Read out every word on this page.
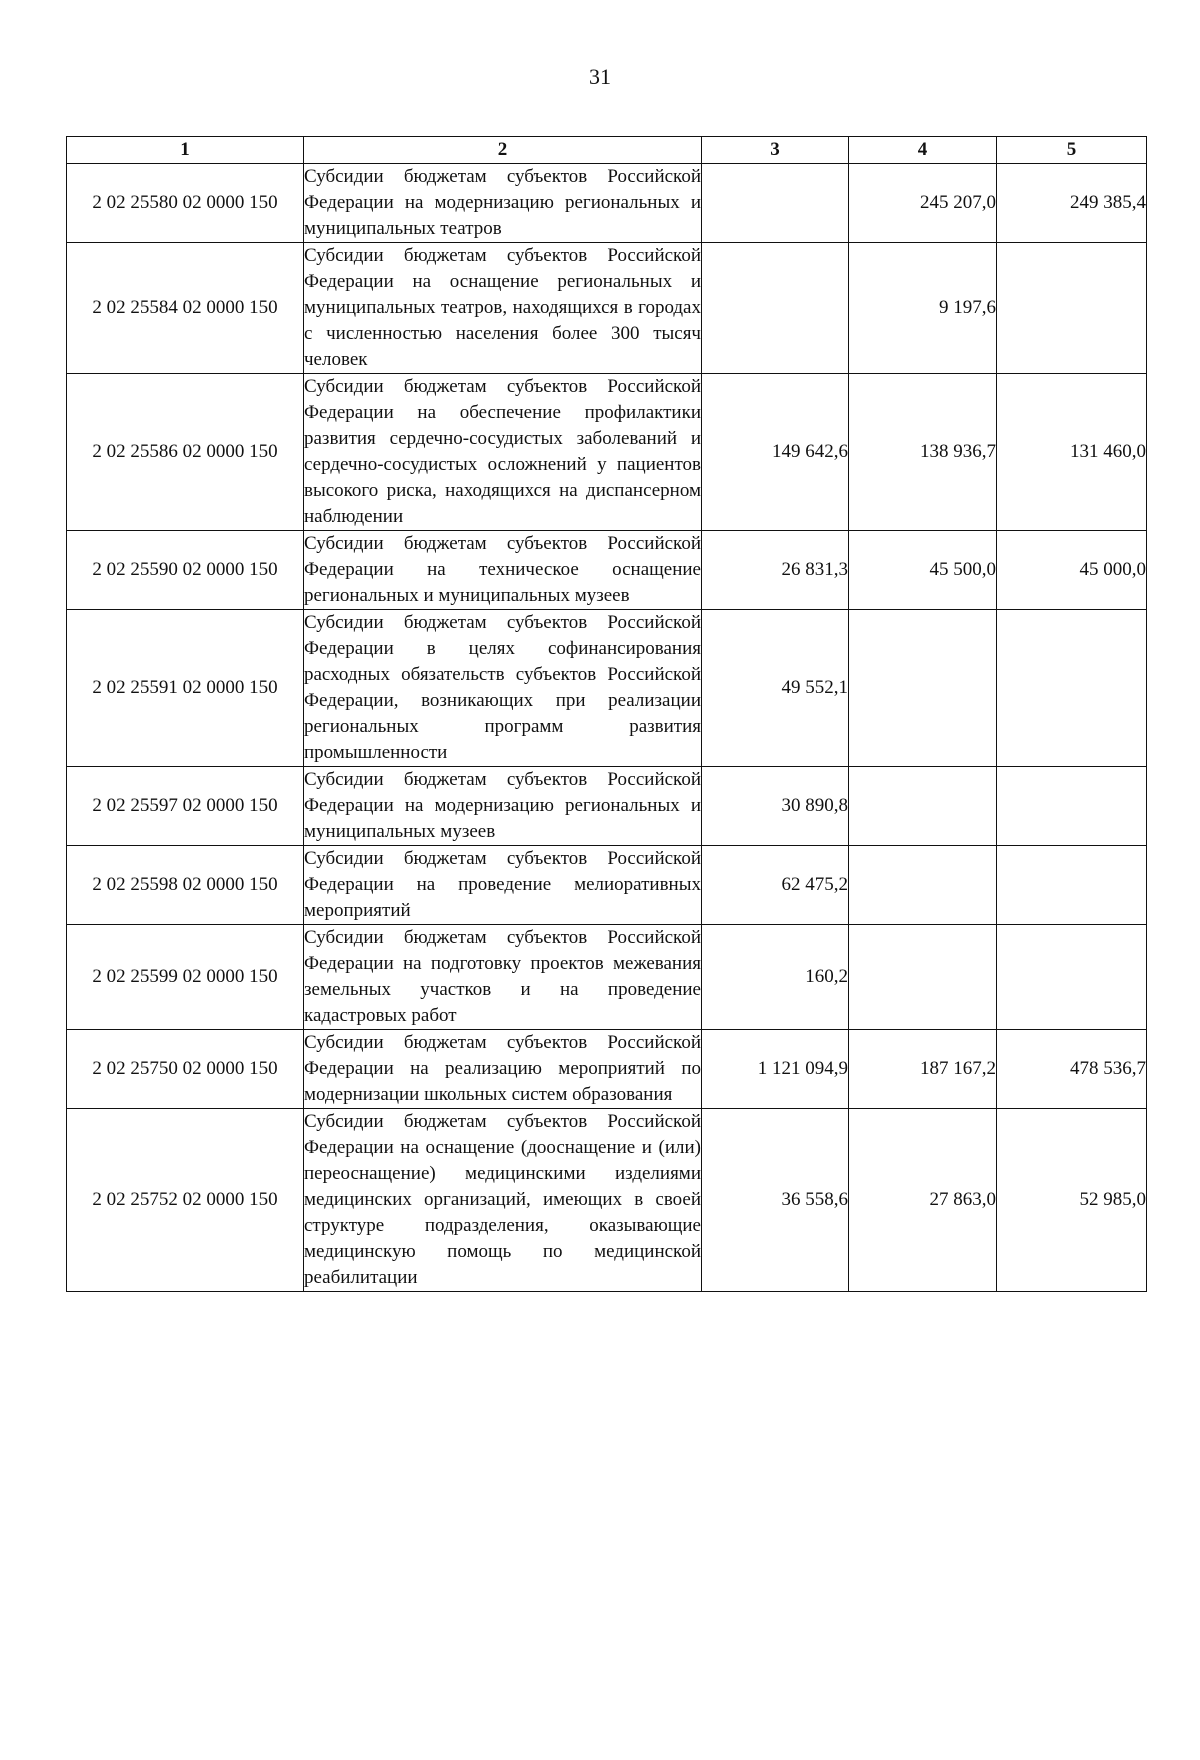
31
1	2	3	4	5
2 02 25580 02 0000 150	Субсидии бюджетам субъектов Российской Федерации на модернизацию региональных и муниципальных театров		245 207,0	249 385,4
2 02 25584 02 0000 150	Субсидии бюджетам субъектов Российской Федерации на оснащение региональных и муниципальных театров, находящихся в городах с численностью населения более 300 тысяч человек		9 197,6	
2 02 25586 02 0000 150	Субсидии бюджетам субъектов Российской Федерации на обеспечение профилактики развития сердечно-сосудистых заболеваний и сердечно-сосудистых осложнений у пациентов высокого риска, находящихся на диспансерном наблюдении	149 642,6	138 936,7	131 460,0
2 02 25590 02 0000 150	Субсидии бюджетам субъектов Российской Федерации на техническое оснащение региональных и муниципальных музеев	26 831,3	45 500,0	45 000,0
2 02 25591 02 0000 150	Субсидии бюджетам субъектов Российской Федерации в целях софинансирования расходных обязательств субъектов Российской Федерации, возникающих при реализации региональных программ развития промышленности	49 552,1		
2 02 25597 02 0000 150	Субсидии бюджетам субъектов Российской Федерации на модернизацию региональных и муниципальных музеев	30 890,8		
2 02 25598 02 0000 150	Субсидии бюджетам субъектов Российской Федерации на проведение мелиоративных мероприятий	62 475,2		
2 02 25599 02 0000 150	Субсидии бюджетам субъектов Российской Федерации на подготовку проектов межевания земельных участков и на проведение кадастровых работ	160,2		
2 02 25750 02 0000 150	Субсидии бюджетам субъектов Российской Федерации на реализацию мероприятий по модернизации школьных систем образования	1 121 094,9	187 167,2	478 536,7
2 02 25752 02 0000 150	Субсидии бюджетам субъектов Российской Федерации на оснащение (дооснащение и (или) переоснащение) медицинскими изделиями медицинских организаций, имеющих в своей структуре подразделения, оказывающие медицинскую помощь по медицинской реабилитации	36 558,6	27 863,0	52 985,0
